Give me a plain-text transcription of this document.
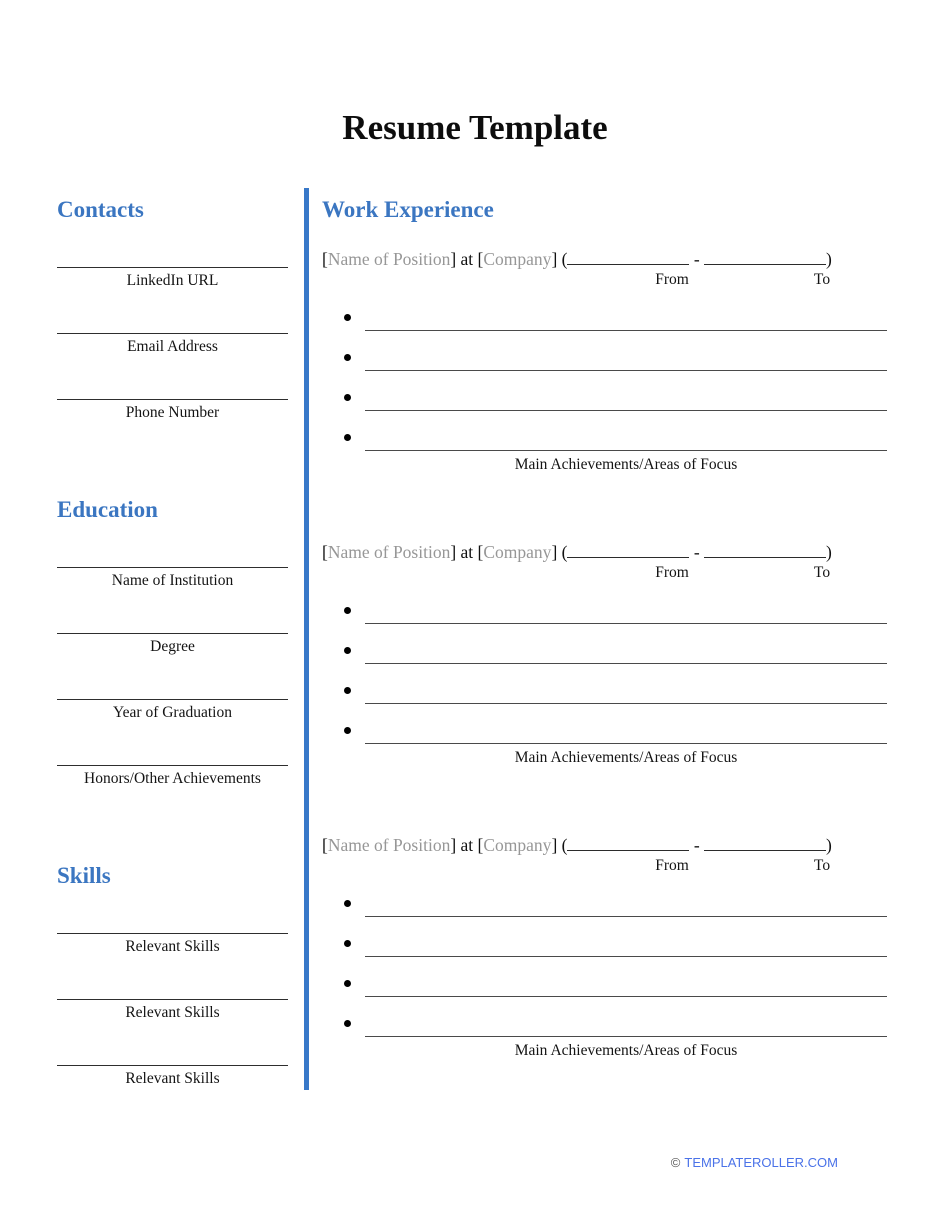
Resume Template
Contacts
LinkedIn URL
Email Address
Phone Number
Education
Name of Institution
Degree
Year of Graduation
Honors/Other Achievements
Skills
Relevant Skills
Relevant Skills
Relevant Skills
Work Experience
[Name of Position] at [Company] (	-	)
From	To
Main Achievements/Areas of Focus
[Name of Position] at [Company] (	-	)
From	To
Main Achievements/Areas of Focus
[Name of Position] at [Company] (	-	)
From	To
Main Achievements/Areas of Focus
© TEMPLATEROLLER.COM
